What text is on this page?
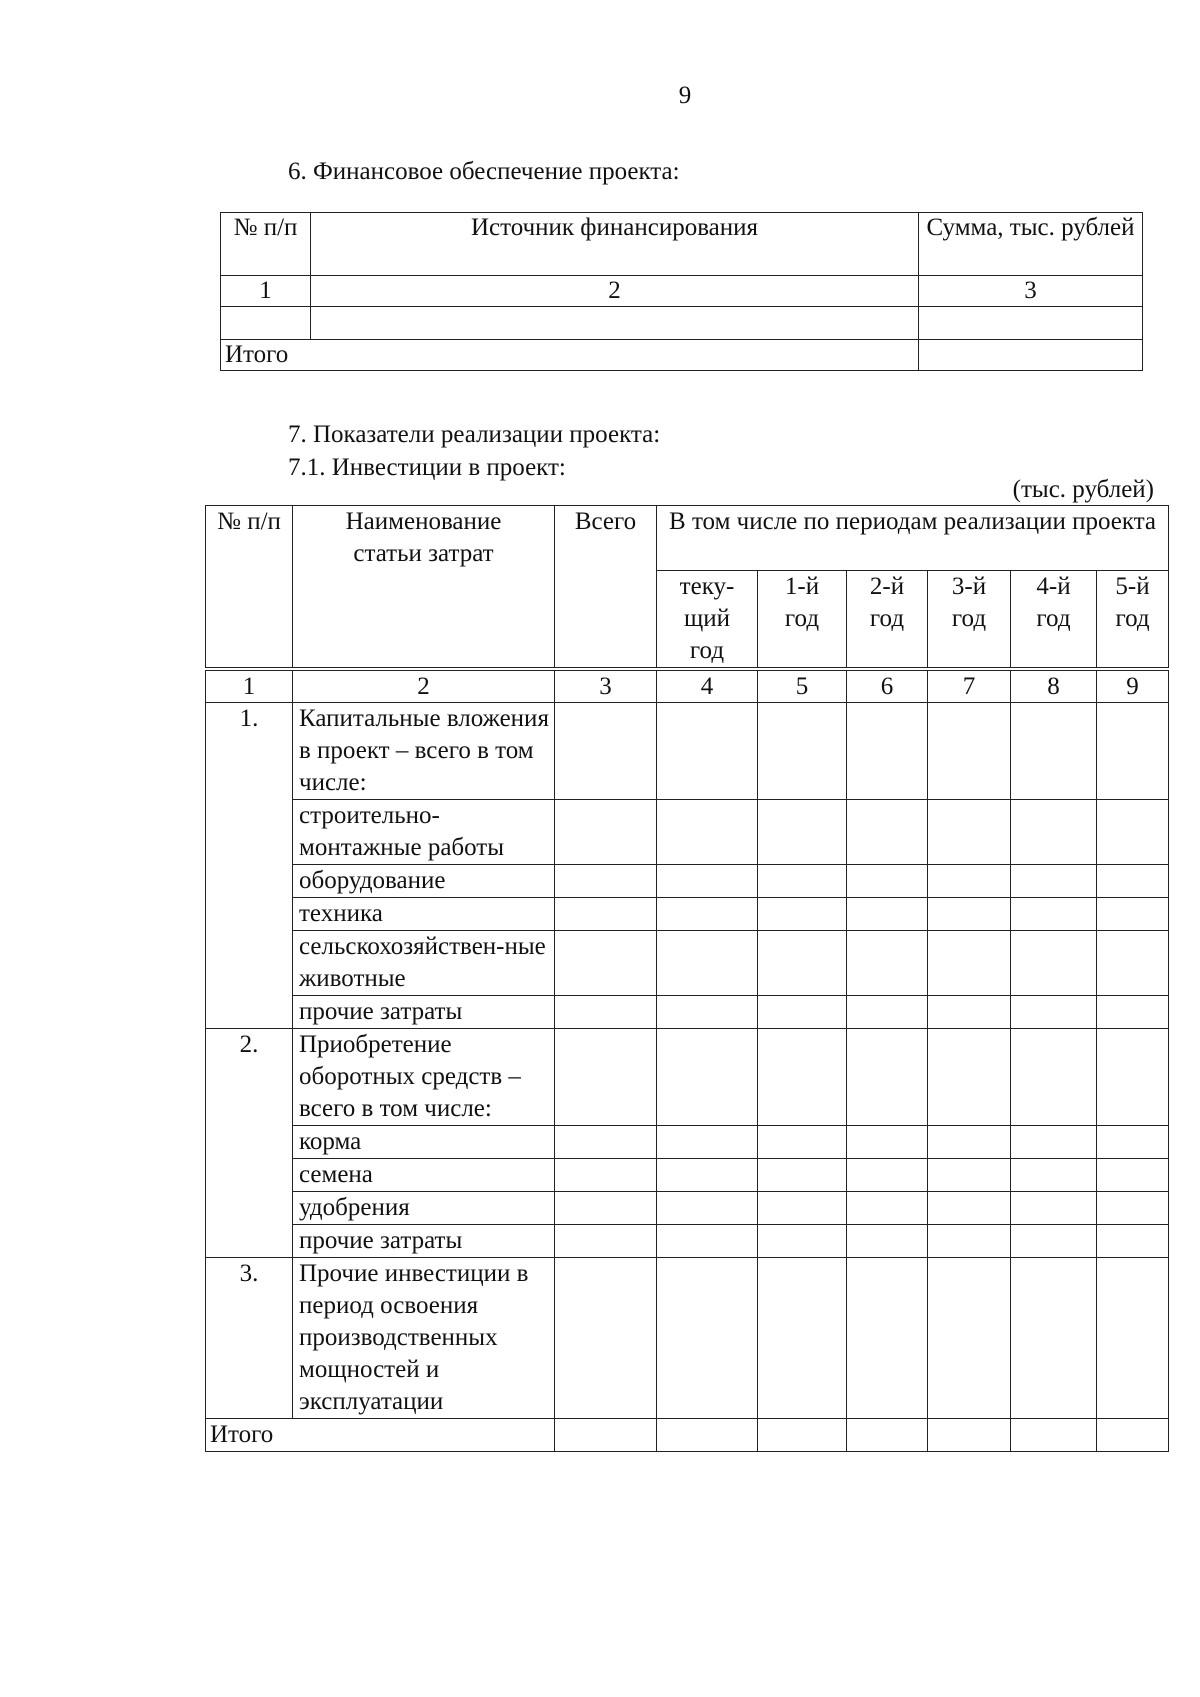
9
6. Финансовое обеспечение проекта:
№ п/п	Источник финансирования	Сумма, тыс. рублей
1	2	3

Итого		
7. Показатели реализации проекта:
7.1. Инвестиции в проект:
(тыс. рублей)
№ п/п	Наименование статьи затрат	Всего	В том числе по периодам реализации проекта					
			теку-щий год	1-й год	2-й год	3-й год	4-й год	5-й год
1	2	3	4	5	6	7	8	9
1.	Капитальные вложения в проект – всего в том числе:							
	строительно-монтажные работы							
	оборудование							
	техника							
	сельскохозяйствен-ные животные							
	прочие затраты							
2.	Приобретение оборотных средств – всего в том числе:							
	корма							
	семена							
	удобрения							
	прочие затраты							
3.	Прочие инвестиции в период освоения производственных мощностей и эксплуатации							
Итого								
